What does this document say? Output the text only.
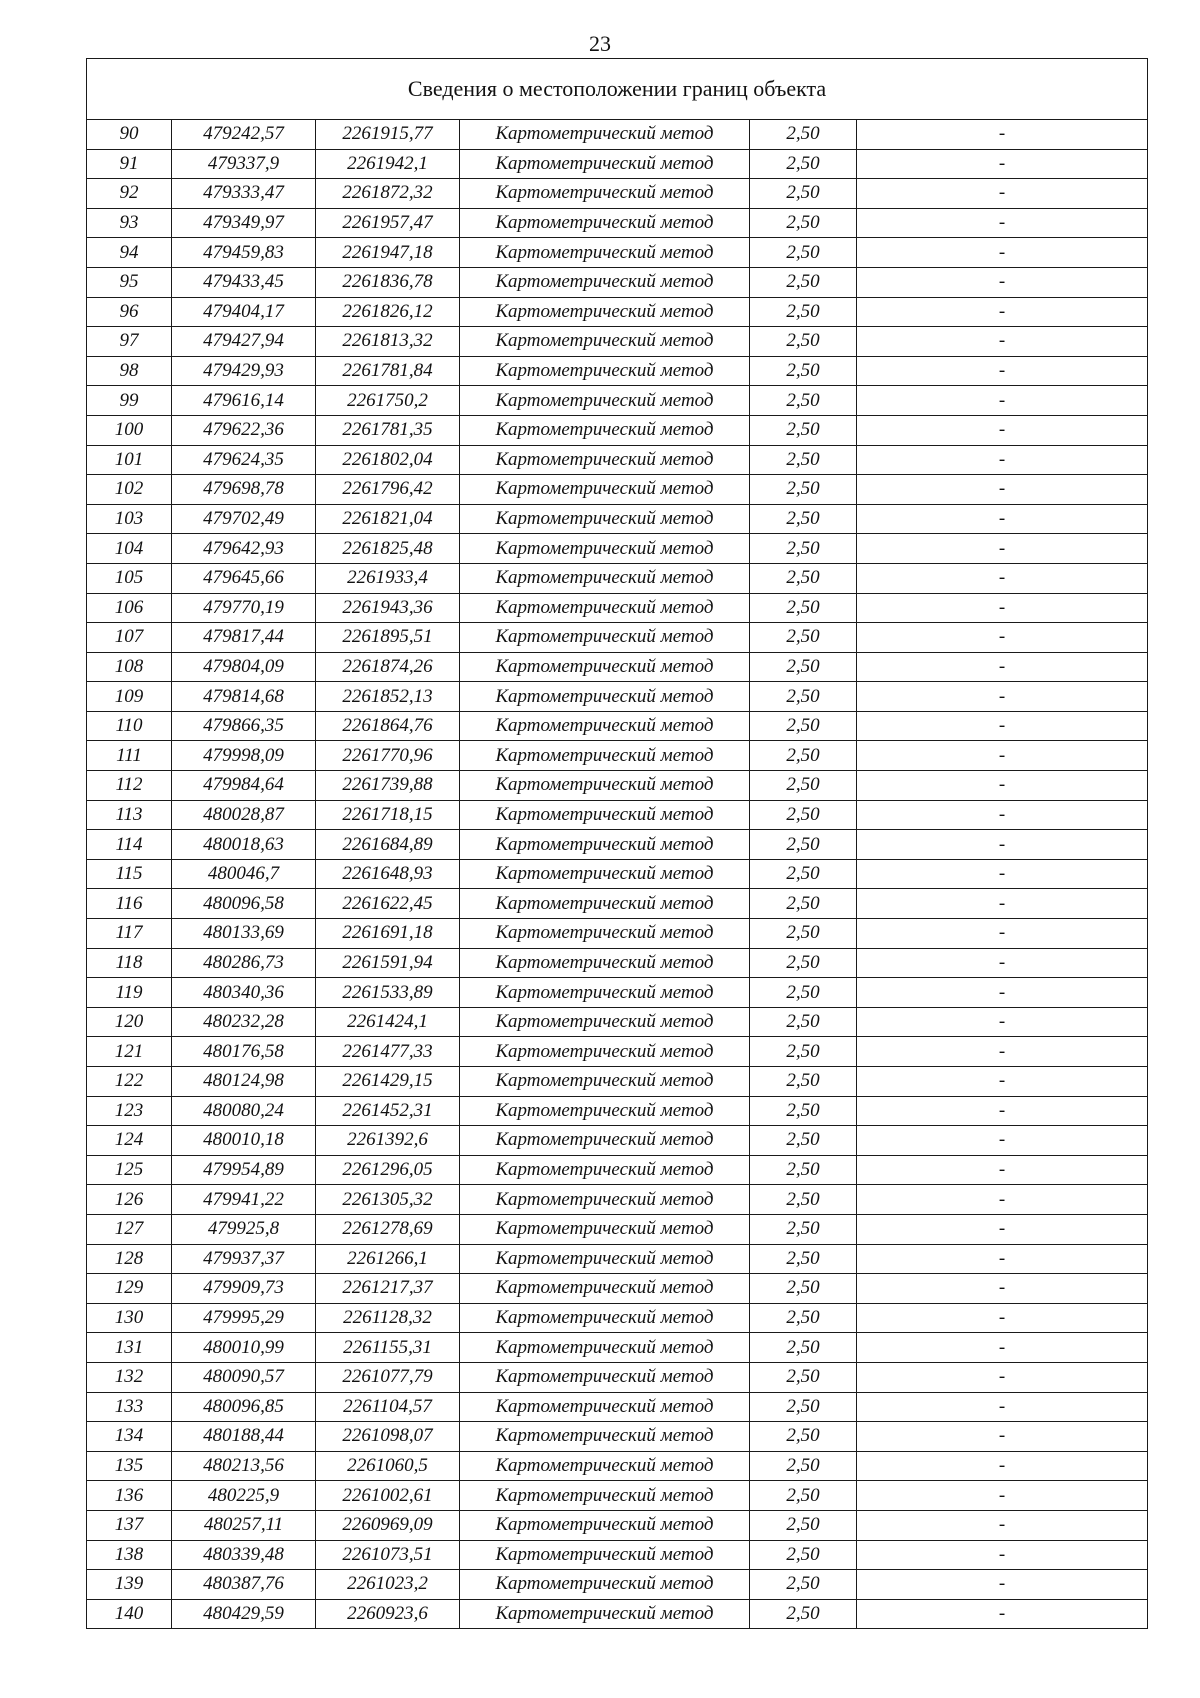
23
Сведения о местоположении границ объекта					
90	479242,57	2261915,77	Картометрический метод	2,50	-
91	479337,9	2261942,1	Картометрический метод	2,50	-
92	479333,47	2261872,32	Картометрический метод	2,50	-
93	479349,97	2261957,47	Картометрический метод	2,50	-
94	479459,83	2261947,18	Картометрический метод	2,50	-
95	479433,45	2261836,78	Картометрический метод	2,50	-
96	479404,17	2261826,12	Картометрический метод	2,50	-
97	479427,94	2261813,32	Картометрический метод	2,50	-
98	479429,93	2261781,84	Картометрический метод	2,50	-
99	479616,14	2261750,2	Картометрический метод	2,50	-
100	479622,36	2261781,35	Картометрический метод	2,50	-
101	479624,35	2261802,04	Картометрический метод	2,50	-
102	479698,78	2261796,42	Картометрический метод	2,50	-
103	479702,49	2261821,04	Картометрический метод	2,50	-
104	479642,93	2261825,48	Картометрический метод	2,50	-
105	479645,66	2261933,4	Картометрический метод	2,50	-
106	479770,19	2261943,36	Картометрический метод	2,50	-
107	479817,44	2261895,51	Картометрический метод	2,50	-
108	479804,09	2261874,26	Картометрический метод	2,50	-
109	479814,68	2261852,13	Картометрический метод	2,50	-
110	479866,35	2261864,76	Картометрический метод	2,50	-
111	479998,09	2261770,96	Картометрический метод	2,50	-
112	479984,64	2261739,88	Картометрический метод	2,50	-
113	480028,87	2261718,15	Картометрический метод	2,50	-
114	480018,63	2261684,89	Картометрический метод	2,50	-
115	480046,7	2261648,93	Картометрический метод	2,50	-
116	480096,58	2261622,45	Картометрический метод	2,50	-
117	480133,69	2261691,18	Картометрический метод	2,50	-
118	480286,73	2261591,94	Картометрический метод	2,50	-
119	480340,36	2261533,89	Картометрический метод	2,50	-
120	480232,28	2261424,1	Картометрический метод	2,50	-
121	480176,58	2261477,33	Картометрический метод	2,50	-
122	480124,98	2261429,15	Картометрический метод	2,50	-
123	480080,24	2261452,31	Картометрический метод	2,50	-
124	480010,18	2261392,6	Картометрический метод	2,50	-
125	479954,89	2261296,05	Картометрический метод	2,50	-
126	479941,22	2261305,32	Картометрический метод	2,50	-
127	479925,8	2261278,69	Картометрический метод	2,50	-
128	479937,37	2261266,1	Картометрический метод	2,50	-
129	479909,73	2261217,37	Картометрический метод	2,50	-
130	479995,29	2261128,32	Картометрический метод	2,50	-
131	480010,99	2261155,31	Картометрический метод	2,50	-
132	480090,57	2261077,79	Картометрический метод	2,50	-
133	480096,85	2261104,57	Картометрический метод	2,50	-
134	480188,44	2261098,07	Картометрический метод	2,50	-
135	480213,56	2261060,5	Картометрический метод	2,50	-
136	480225,9	2261002,61	Картометрический метод	2,50	-
137	480257,11	2260969,09	Картометрический метод	2,50	-
138	480339,48	2261073,51	Картометрический метод	2,50	-
139	480387,76	2261023,2	Картометрический метод	2,50	-
140	480429,59	2260923,6	Картометрический метод	2,50	-
